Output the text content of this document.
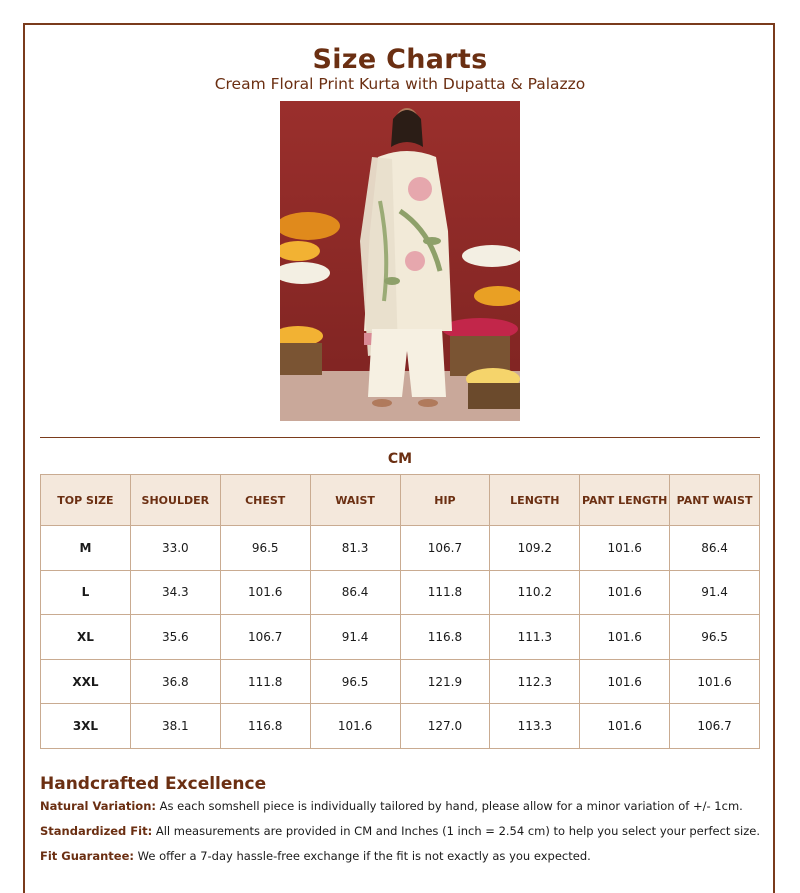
Size Charts
Cream Floral Print Kurta with Dupatta & Palazzo
CM
TOP SIZE	SHOULDER	CHEST	WAIST	HIP	LENGTH	PANT LENGTH	PANT WAIST
M	33.0	96.5	81.3	106.7	109.2	101.6	86.4
L	34.3	101.6	86.4	111.8	110.2	101.6	91.4
XL	35.6	106.7	91.4	116.8	111.3	101.6	96.5
XXL	36.8	111.8	96.5	121.9	112.3	101.6	101.6
3XL	38.1	116.8	101.6	127.0	113.3	101.6	106.7
Handcrafted Excellence
Natural Variation: As each somshell piece is individually tailored by hand, please allow for a minor variation of +/- 1cm.
Standardized Fit: All measurements are provided in CM and Inches (1 inch = 2.54 cm) to help you select your perfect size.
Fit Guarantee: We offer a 7-day hassle-free exchange if the fit is not exactly as you expected.
